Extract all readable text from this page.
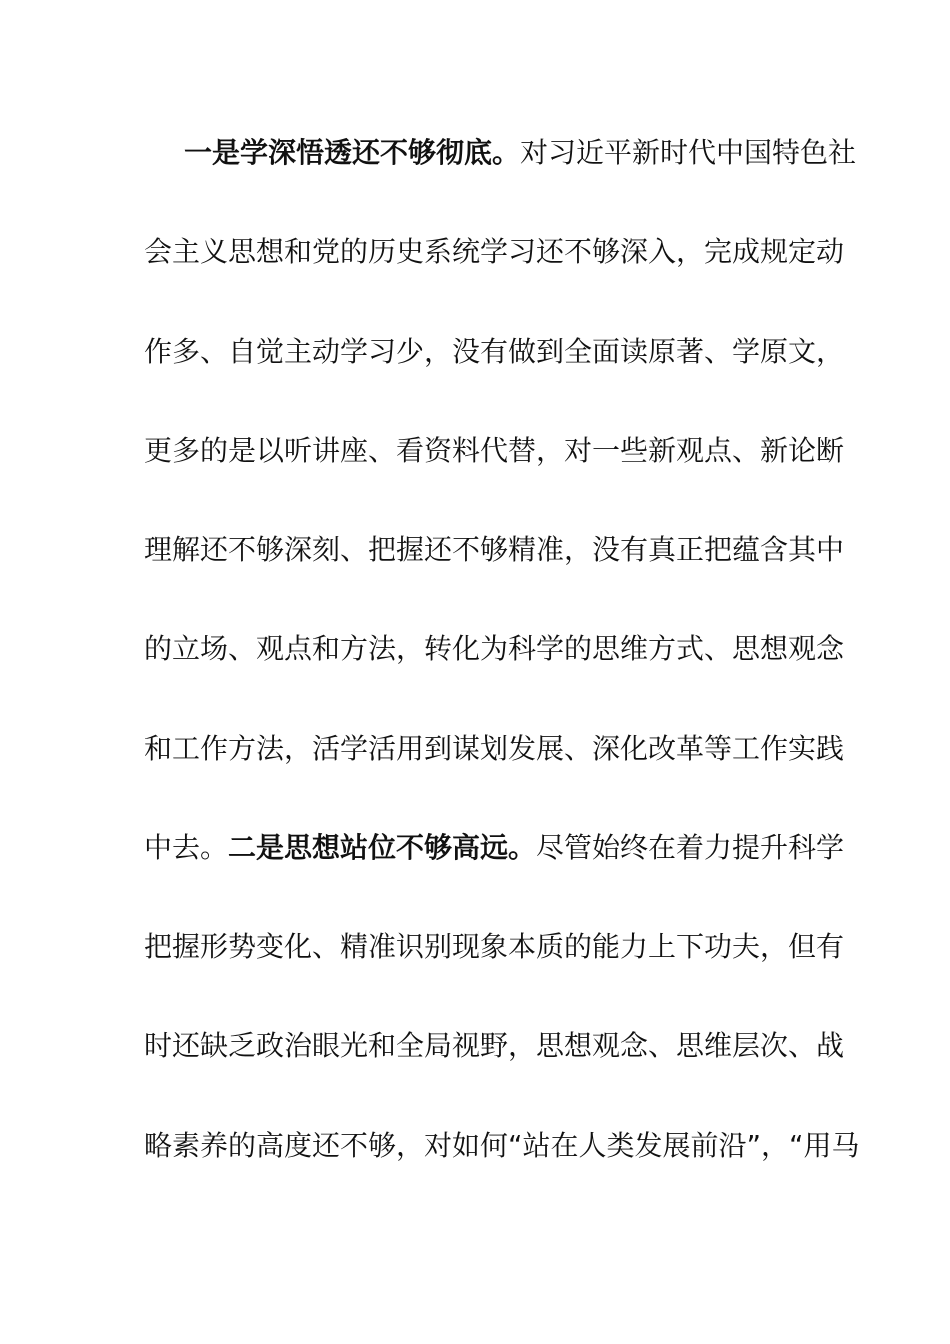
一是学深悟透还不够彻底。对习近平新时代中国特色社
会主义思想和党的历史系统学习还不够深入，完成规定动
作多、自觉主动学习少，没有做到全面读原著、学原文，
更多的是以听讲座、看资料代替，对一些新观点、新论断
理解还不够深刻、把握还不够精准，没有真正把蕴含其中
的立场、观点和方法，转化为科学的思维方式、思想观念
和工作方法，活学活用到谋划发展、深化改革等工作实践
中去。二是思想站位不够高远。尽管始终在着力提升科学
把握形势变化、精准识别现象本质的能力上下功夫，但有
时还缺乏政治眼光和全局视野，思想观念、思维层次、战
略素养的高度还不够，对如何“站在人类发展前沿”，“用马
